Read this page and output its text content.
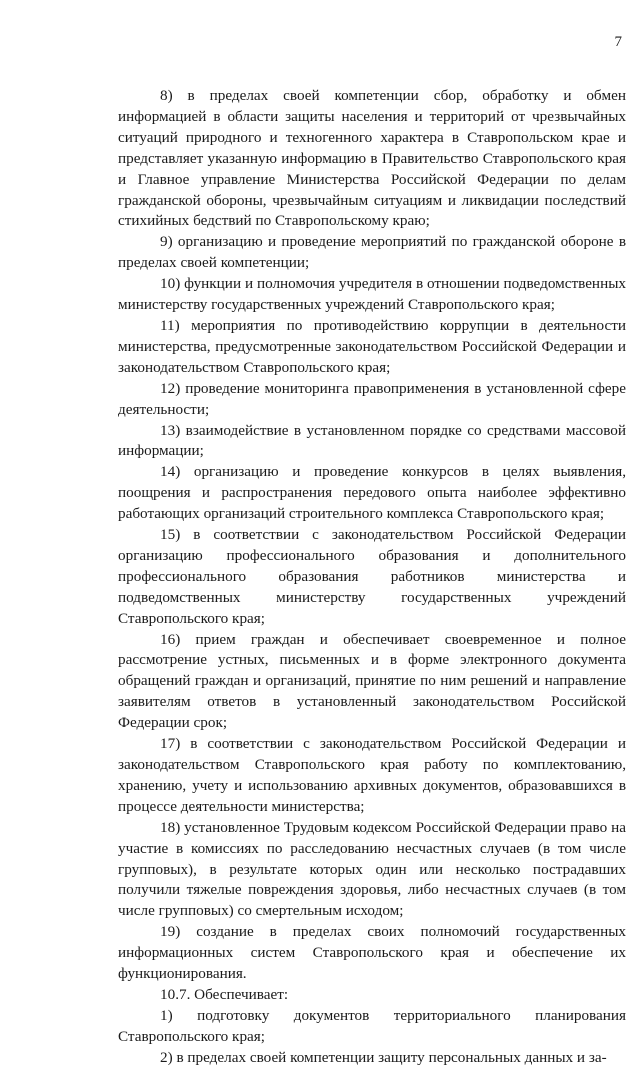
7

8) в пределах своей компетенции сбор, обработку и обмен информацией в области защиты населения и территорий от чрезвычайных ситуаций природного и техногенного характера в Ставропольском крае и представляет указанную информацию в Правительство Ставропольского края и Главное управление Министерства Российской Федерации по делам гражданской обороны, чрезвычайным ситуациям и ликвидации последствий стихийных бедствий по Ставропольскому краю;

9) организацию и проведение мероприятий по гражданской обороне в пределах своей компетенции;

10) функции и полномочия учредителя в отношении подведомственных министерству государственных учреждений Ставропольского края;

11) мероприятия по противодействию коррупции в деятельности министерства, предусмотренные законодательством Российской Федерации и законодательством Ставропольского края;

12) проведение мониторинга правоприменения в установленной сфере деятельности;

13) взаимодействие в установленном порядке со средствами массовой информации;

14) организацию и проведение конкурсов в целях выявления, поощрения и распространения передового опыта наиболее эффективно работающих организаций строительного комплекса Ставропольского края;

15) в соответствии с законодательством Российской Федерации организацию профессионального образования и дополнительного профессионального образования работников министерства и подведомственных министерству государственных учреждений Ставропольского края;

16) прием граждан и обеспечивает своевременное и полное рассмотрение устных, письменных и в форме электронного документа обращений граждан и организаций, принятие по ним решений и направление заявителям ответов в установленный законодательством Российской Федерации срок;

17) в соответствии с законодательством Российской Федерации и законодательством Ставропольского края работу по комплектованию, хранению, учету и использованию архивных документов, образовавшихся в процессе деятельности министерства;

18) установленное Трудовым кодексом Российской Федерации право на участие в комиссиях по расследованию несчастных случаев (в том числе групповых), в результате которых один или несколько пострадавших получили тяжелые повреждения здоровья, либо несчастных случаев (в том числе групповых) со смертельным исходом;

19) создание в пределах своих полномочий государственных информационных систем Ставропольского края и обеспечение их функционирования.

10.7. Обеспечивает:

1) подготовку документов территориального планирования Ставропольского края;

2) в пределах своей компетенции защиту персональных данных и за-
